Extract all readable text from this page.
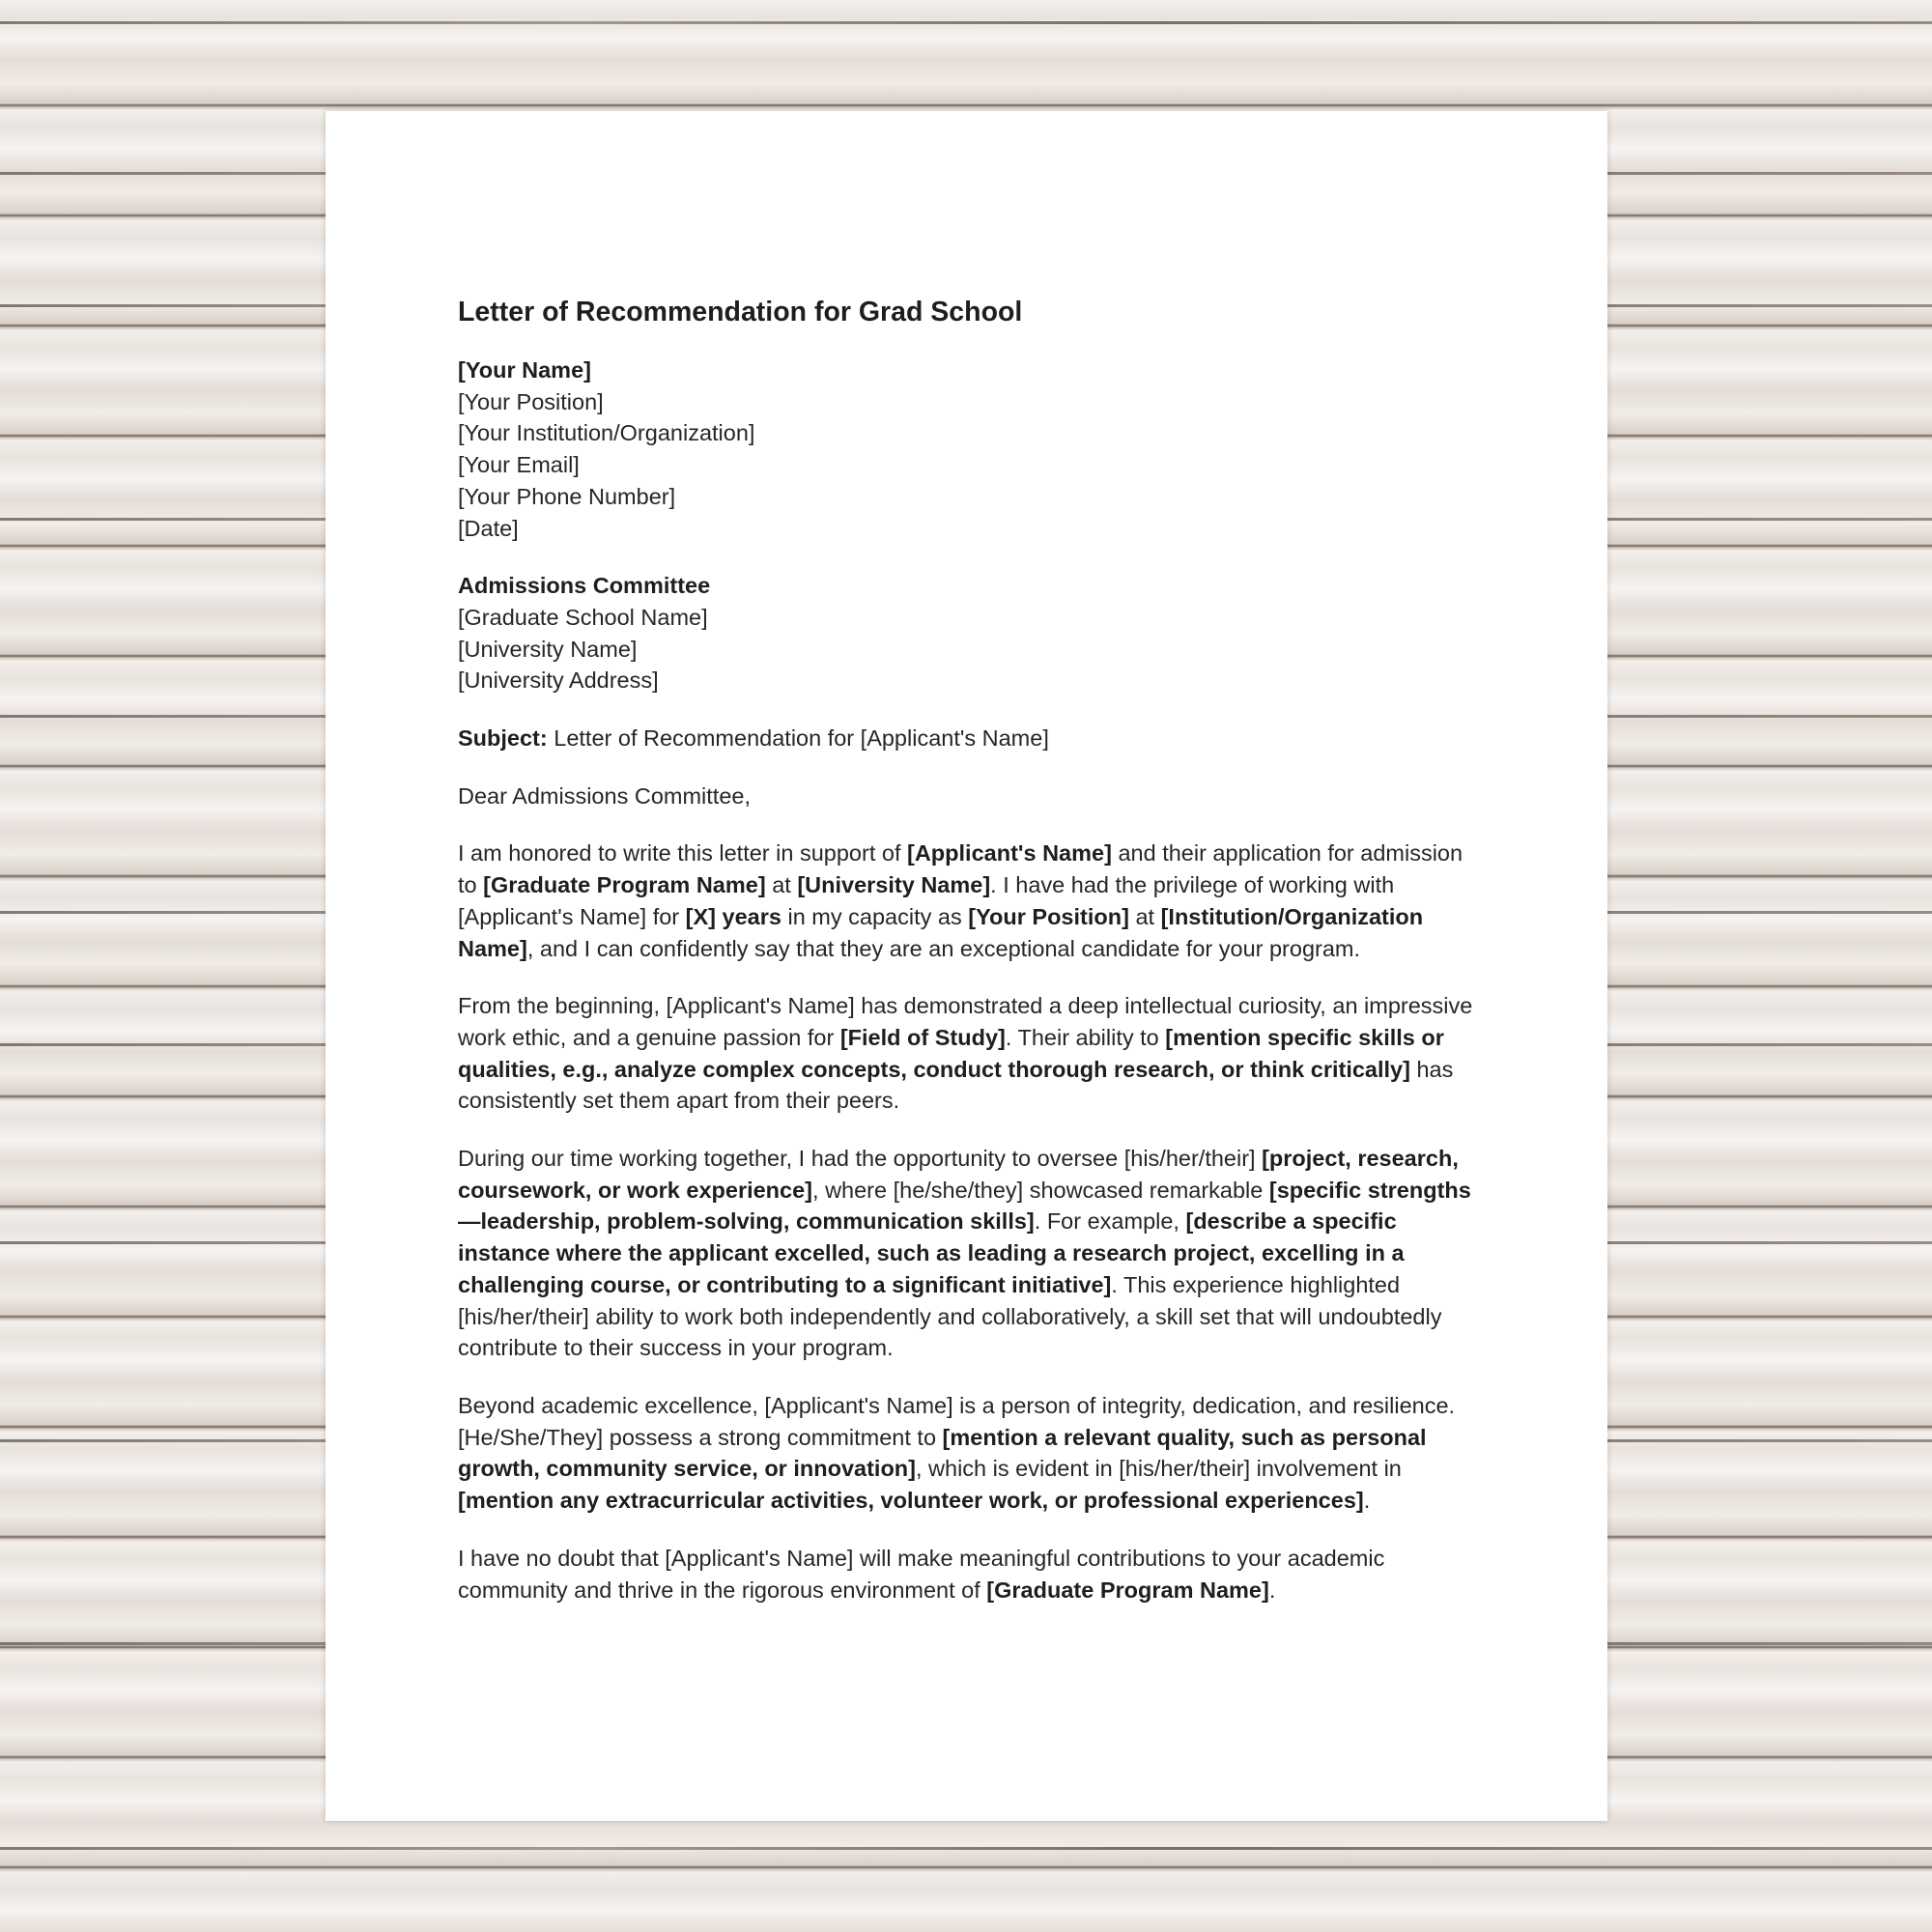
Letter of Recommendation for Grad School
[Your Name]
[Your Position]
[Your Institution/Organization]
[Your Email]
[Your Phone Number]
[Date]
Admissions Committee
[Graduate School Name]
[University Name]
[University Address]

Subject: Letter of Recommendation for [Applicant's Name]

Dear Admissions Committee,

I am honored to write this letter in support of [Applicant's Name] and their application for admission to [Graduate Program Name] at [University Name]. I have had the privilege of working with [Applicant's Name] for [X] years in my capacity as [Your Position] at [Institution/Organization Name], and I can confidently say that they are an exceptional candidate for your program.

From the beginning, [Applicant's Name] has demonstrated a deep intellectual curiosity, an impressive work ethic, and a genuine passion for [Field of Study]. Their ability to [mention specific skills or qualities, e.g., analyze complex concepts, conduct thorough research, or think critically] has consistently set them apart from their peers.

During our time working together, I had the opportunity to oversee [his/her/their] [project, research, coursework, or work experience], where [he/she/they] showcased remarkable [specific strengths—leadership, problem-solving, communication skills]. For example, [describe a specific instance where the applicant excelled, such as leading a research project, excelling in a challenging course, or contributing to a significant initiative]. This experience highlighted [his/her/their] ability to work both independently and collaboratively, a skill set that will undoubtedly contribute to their success in your program.

Beyond academic excellence, [Applicant's Name] is a person of integrity, dedication, and resilience. [He/She/They] possess a strong commitment to [mention a relevant quality, such as personal growth, community service, or innovation], which is evident in [his/her/their] involvement in [mention any extracurricular activities, volunteer work, or professional experiences].

I have no doubt that [Applicant's Name] will make meaningful contributions to your academic community and thrive in the rigorous environment of [Graduate Program Name].
